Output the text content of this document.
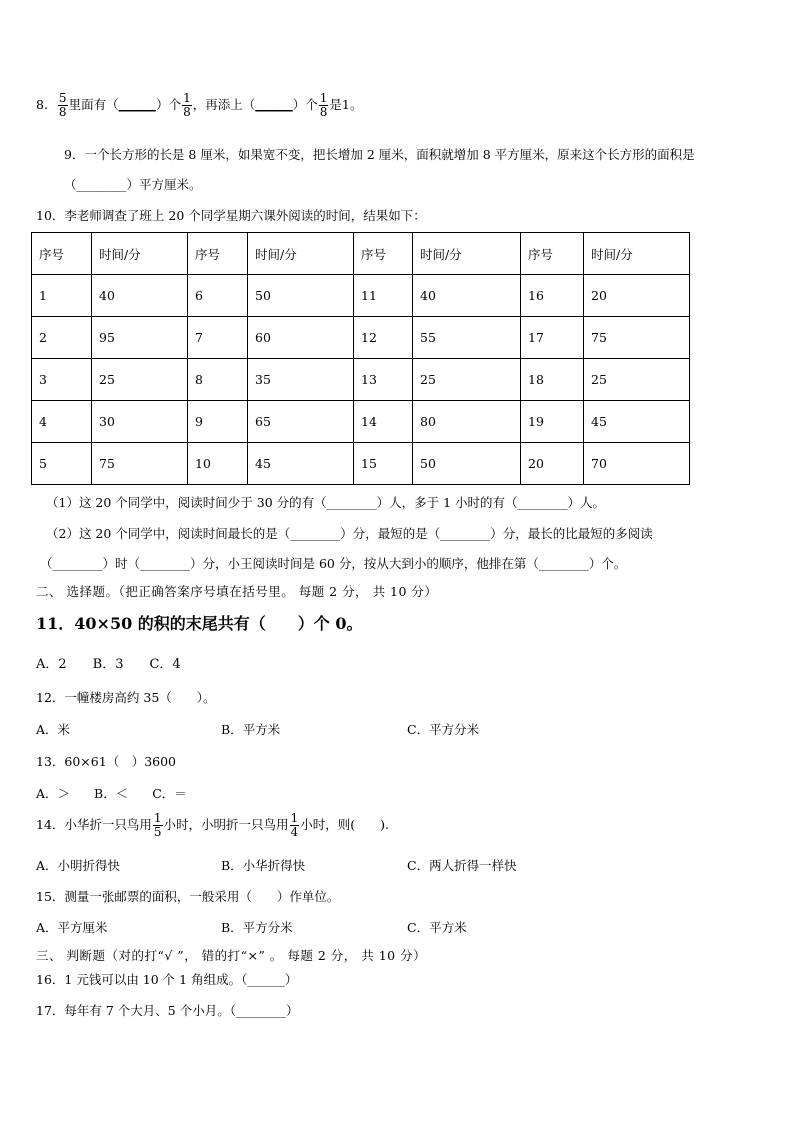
8. $\frac{5}{8}$ 里面有（______）个 $\frac{1}{8}$ ，再添上（______）个 $\frac{1}{8}$ 是1。
9．一个长方形的长是 8 厘米，如果宽不变，把长增加 2 厘米，面积就增加 8 平方厘米，原来这个长方形的面积是
（________）平方厘米。
10．李老师调查了班上 20 个同学星期六课外阅读的时间，结果如下：
序号	时间/分	序号	时间/分	序号	时间/分	序号	时间/分
1	40	6	50	11	40	16	20
2	95	7	60	12	55	17	75
3	25	8	35	13	25	18	25
4	30	9	65	14	80	19	45
5	75	10	45	15	50	20	70
（1）这 20 个同学中，阅读时间少于 30 分的有（________）人，多于 1 小时的有（________）人。
（2）这 20 个同学中，阅读时间最长的是（________）分，最短的是（________）分，最长的比最短的多阅读
（________）时（________）分，小王阅读时间是 60 分，按从大到小的顺序，他排在第（________）个。
二、 选择题。（把正确答案序号填在括号里。 每题 2 分， 共 10 分）
11．40×50 的积的末尾共有（　　）个 0。
A．2 B．3 C．4
12．一幢楼房高约 35（　　）。
A．米	B．平方米	C．平方分米
13．60×61（　）3600
A．＞ B．＜ C．＝
14．小华折一只鸟用 $\frac{1}{5}$ 小时，小明折一只鸟用 $\frac{1}{4}$ 小时，则(　　).
A．小明折得快	B．小华折得快	C．两人折得一样快
15．测量一张邮票的面积，一般采用（　　）作单位。
A．平方厘米	B．平方分米	C．平方米
三、 判断题（对的打“√ ”， 错的打“×” 。 每题 2 分， 共 10 分）
16．1 元钱可以由 10 个 1 角组成。（______）
17．每年有 7 个大月、5 个小月。（________）
